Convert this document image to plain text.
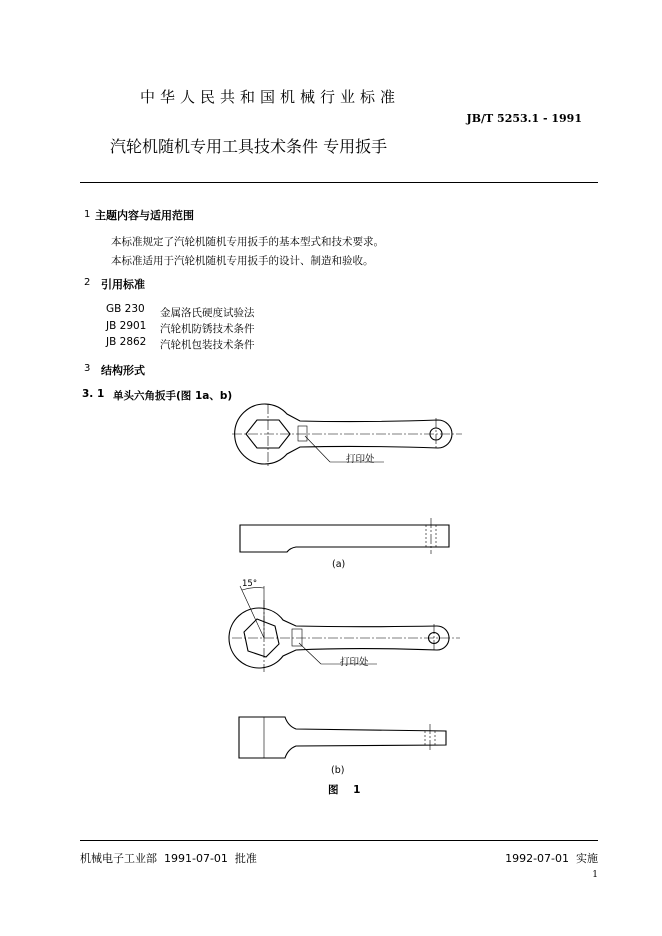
中华人民共和国机械行业标准
JB/T 5253.1 - 1991
汽轮机随机专用工具技术条件 专用扳手
1 主题内容与适用范围
本标准规定了汽轮机随机专用扳手的基本型式和技术要求。
本标准适用于汽轮机随机专用扳手的设计、制造和验收。
2 引用标准
GB 230 金属洛氏硬度试验法
JB 2901 汽轮机防锈技术条件
JB 2862 汽轮机包装技术条件
3 结构形式
3. 1 单头六角扳手(图 1a、b)
打印处
(a)
15°
打印处
(b)
图    1
机械电子工业部  1991-07-01  批准	1992-07-01  实施
1
